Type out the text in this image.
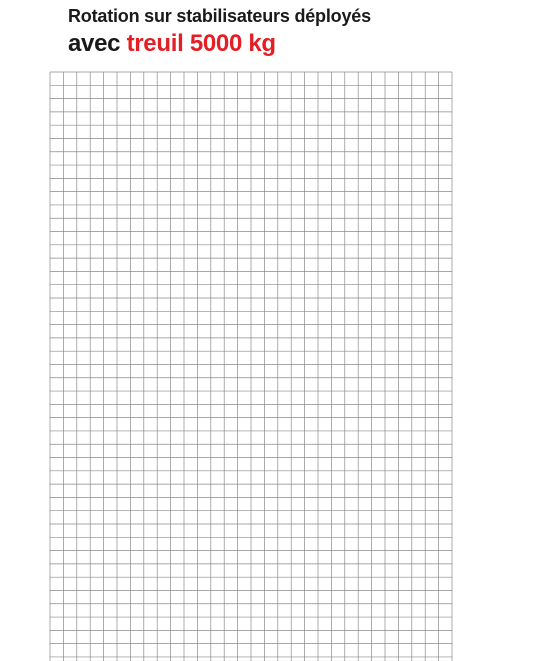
Rotation sur stabilisateurs déployés
avec treuil 5000 kg
